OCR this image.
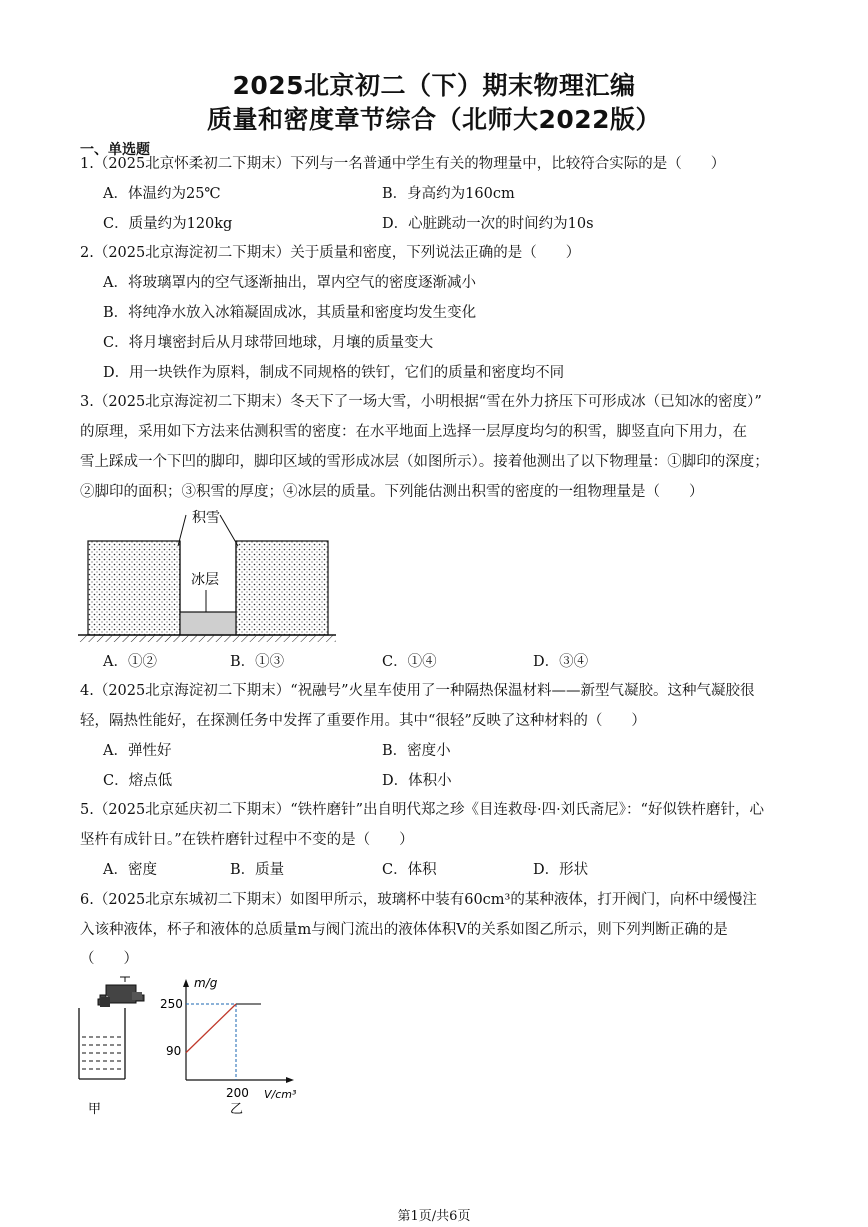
2025北京初二（下）期末物理汇编
质量和密度章节综合（北师大2022版）
一、单选题
1.（2025北京怀柔初二下期末）下列与一名普通中学生有关的物理量中，比较符合实际的是（　　）
A．体温约为25℃	B．身高约为160cm
C．质量约为120kg	D．心脏跳动一次的时间约为10s
2.（2025北京海淀初二下期末）关于质量和密度，下列说法正确的是（　　）
A．将玻璃罩内的空气逐渐抽出，罩内空气的密度逐渐减小
B．将纯净水放入冰箱凝固成冰，其质量和密度均发生变化
C．将月壤密封后从月球带回地球，月壤的质量变大
D．用一块铁作为原料，制成不同规格的铁钉，它们的质量和密度均不同
3.（2025北京海淀初二下期末）冬天下了一场大雪，小明根据“雪在外力挤压下可形成冰（已知冰的密度）”
的原理，采用如下方法来估测积雪的密度：在水平地面上选择一层厚度均匀的积雪，脚竖直向下用力，在
雪上踩成一个下凹的脚印，脚印区域的雪形成冰层（如图所示）。接着他测出了以下物理量：①脚印的深度；
②脚印的面积；③积雪的厚度；④冰层的质量。下列能估测出积雪的密度的一组物理量是（　　）
积雪
冰层
A．①②	B．①③	C．①④	D．③④
4.（2025北京海淀初二下期末）“祝融号”火星车使用了一种隔热保温材料——新型气凝胶。这种气凝胶很
轻，隔热性能好，在探测任务中发挥了重要作用。其中“很轻”反映了这种材料的（　　）
A．弹性好	B．密度小
C．熔点低	D．体积小
5.（2025北京延庆初二下期末）“铁杵磨针”出自明代郑之珍《目连救母·四·刘氏斋尼》：“好似铁杵磨针，心
坚杵有成针日。”在铁杵磨针过程中不变的是（　　）
A．密度	B．质量	C．体积	D．形状
6.（2025北京东城初二下期末）如图甲所示，玻璃杯中装有60cm³的某种液体，打开阀门，向杯中缓慢注
入该种液体，杯子和液体的总质量m与阀门流出的液体体积V的关系如图乙所示，则下列判断正确的是
（　　）
甲
m/g
V/cm³
250
90
200
乙
第1页/共6页
